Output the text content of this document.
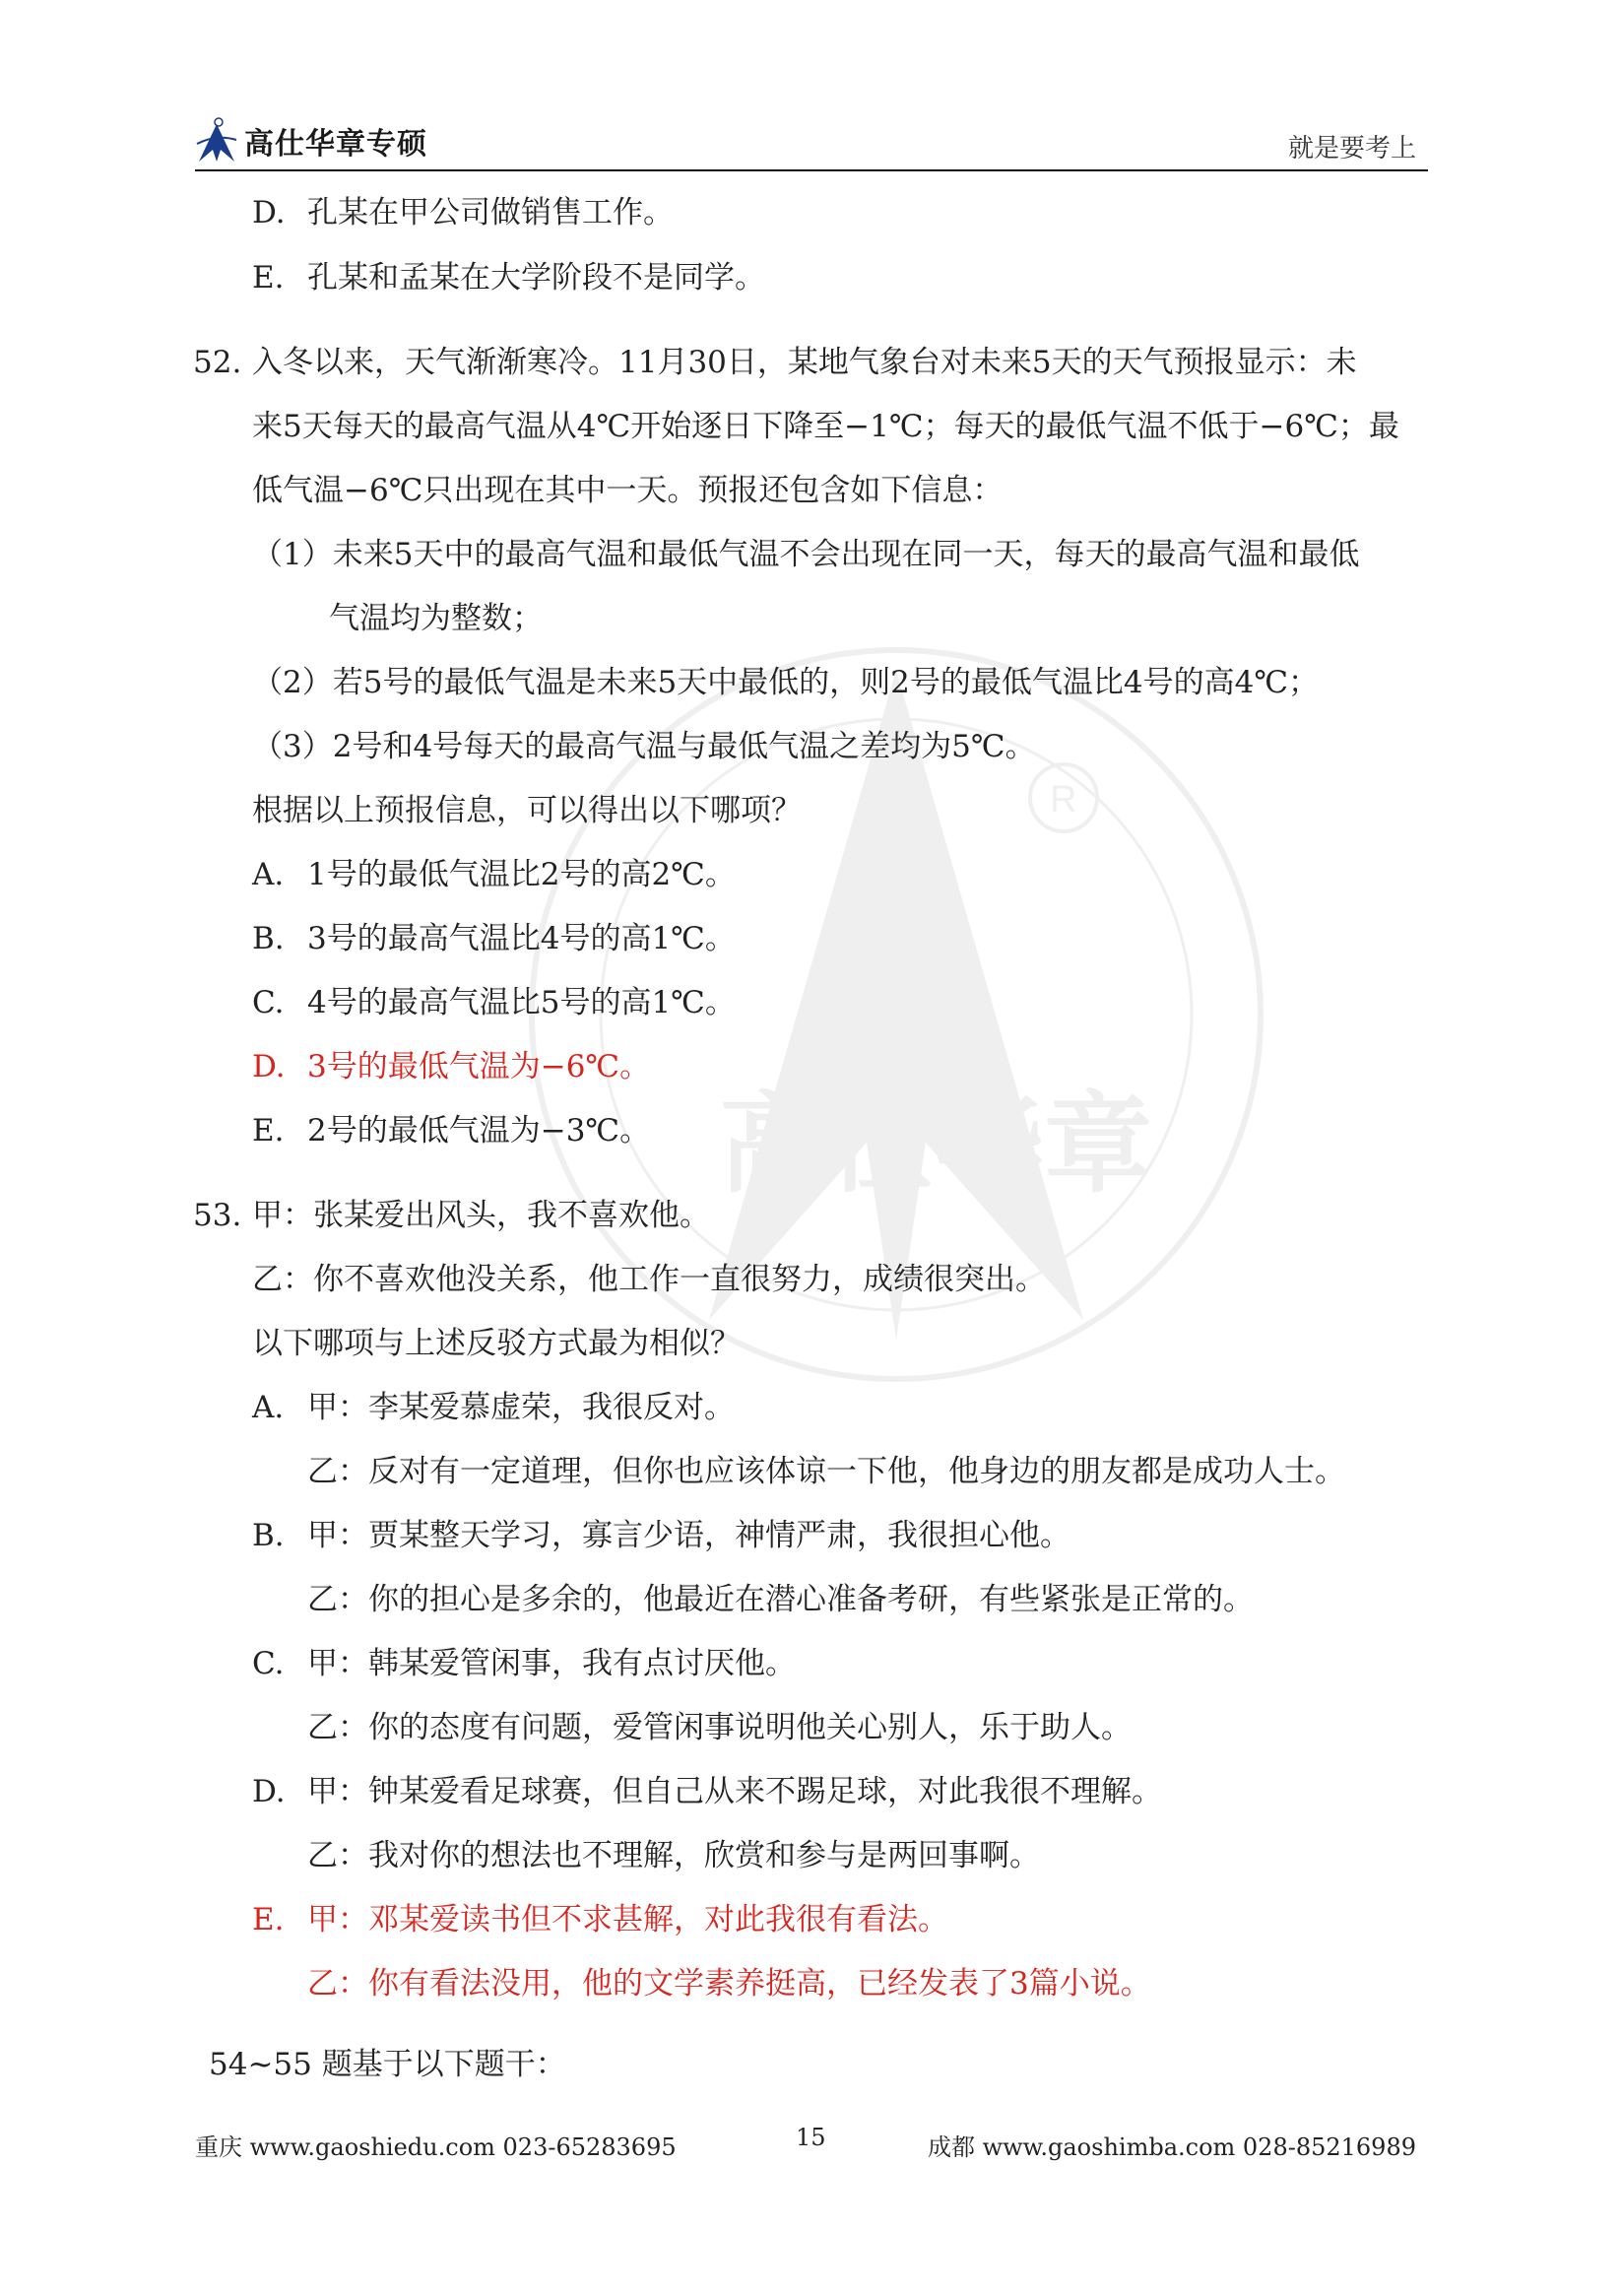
高仕华章专硕	就是要考上
R
高仕华章
D. 孔某在甲公司做销售工作。
E. 孔某和孟某在大学阶段不是同学。
52. 入冬以来，天气渐渐寒冷。11月30日，某地气象台对未来5天的天气预报显示：未
来5天每天的最高气温从4℃开始逐日下降至−1℃；每天的最低气温不低于−6℃；最
低气温−6℃只出现在其中一天。预报还包含如下信息：
（1）未来5天中的最高气温和最低气温不会出现在同一天，每天的最高气温和最低
气温均为整数；
（2）若5号的最低气温是未来5天中最低的，则2号的最低气温比4号的高4℃；
（3）2号和4号每天的最高气温与最低气温之差均为5℃。
根据以上预报信息，可以得出以下哪项？
A. 1号的最低气温比2号的高2℃。
B. 3号的最高气温比4号的高1℃。
C. 4号的最高气温比5号的高1℃。
D. 3号的最低气温为−6℃。
E. 2号的最低气温为−3℃。
53. 甲：张某爱出风头，我不喜欢他。
乙：你不喜欢他没关系，他工作一直很努力，成绩很突出。
以下哪项与上述反驳方式最为相似？
A. 甲：李某爱慕虚荣，我很反对。
乙：反对有一定道理，但你也应该体谅一下他，他身边的朋友都是成功人士。
B. 甲：贾某整天学习，寡言少语，神情严肃，我很担心他。
乙：你的担心是多余的，他最近在潜心准备考研，有些紧张是正常的。
C. 甲：韩某爱管闲事，我有点讨厌他。
乙：你的态度有问题，爱管闲事说明他关心别人，乐于助人。
D. 甲：钟某爱看足球赛，但自己从来不踢足球，对此我很不理解。
乙：我对你的想法也不理解，欣赏和参与是两回事啊。
E. 甲：邓某爱读书但不求甚解，对此我很有看法。
乙：你有看法没用，他的文学素养挺高，已经发表了3篇小说。
54~55 题基于以下题干：
重庆 www.gaoshiedu.com 023-65283695	15	成都 www.gaoshimba.com 028-85216989
